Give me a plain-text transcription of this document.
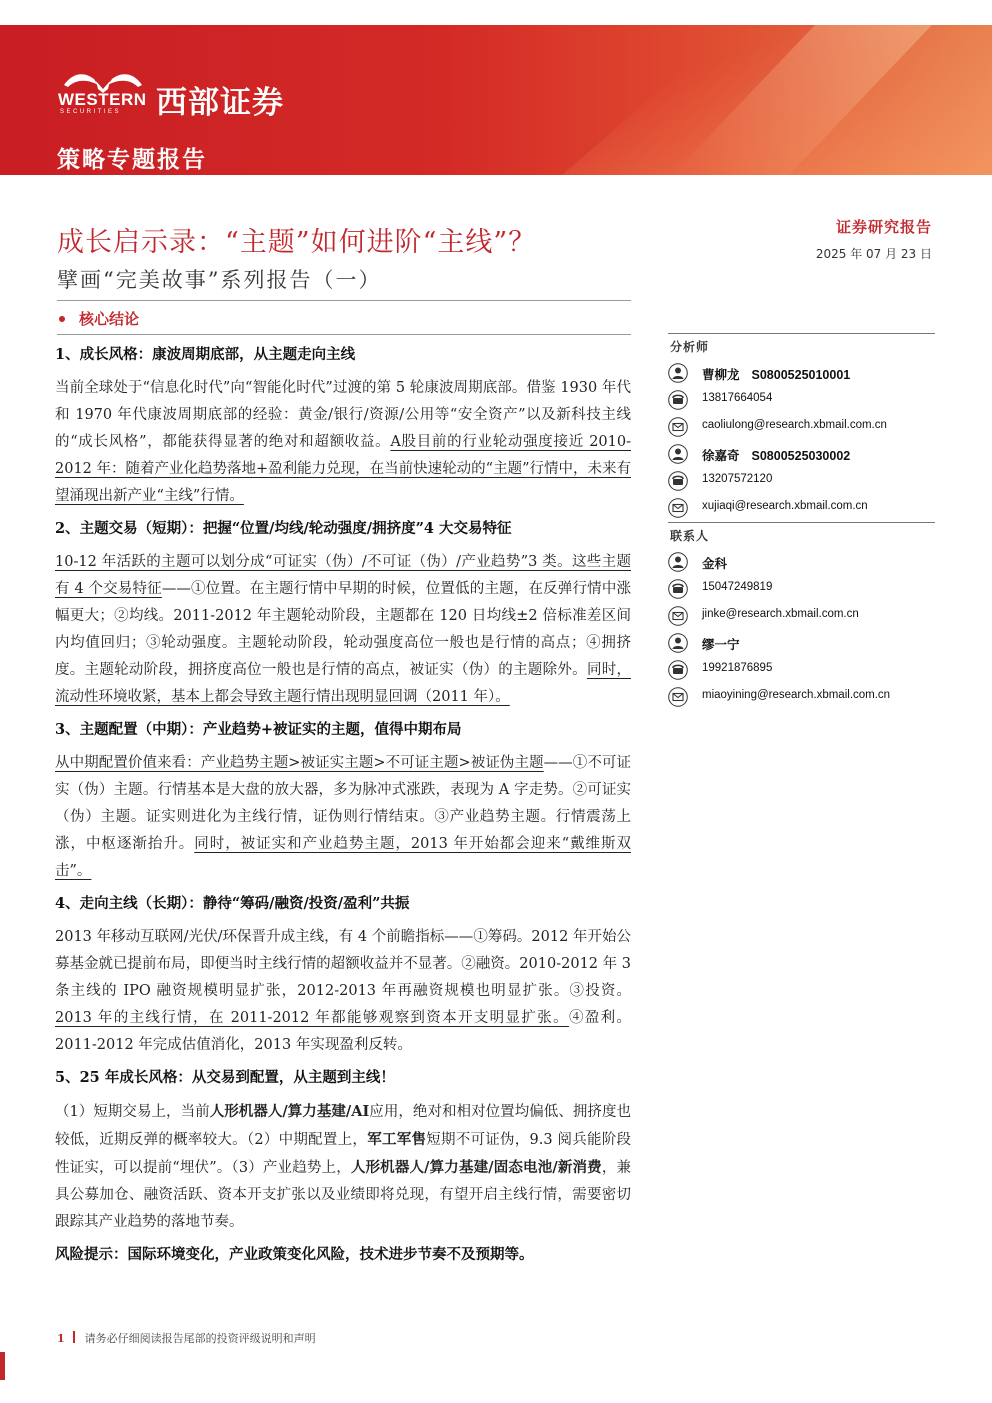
WESTERN
SECURITIES 西部证券
策略专题报告
成长启示录：“主题”如何进阶“主线”？
擘画“完美故事”系列报告（一）
核心结论
证券研究报告
2025 年 07 月 23 日
1、成长风格：康波周期底部，从主题走向主线
当前全球处于“信息化时代”向“智能化时代”过渡的第 5 轮康波周期底部。借鉴 1930 年代和 1970 年代康波周期底部的经验：黄金/银行/资源/公用等“安全资产”以及新科技主线的“成长风格”，都能获得显著的绝对和超额收益。A股目前的行业轮动强度接近 2010-2012 年：随着产业化趋势落地+盈利能力兑现，在当前快速轮动的“主题”行情中，未来有望涌现出新产业“主线”行情。
2、主题交易（短期）：把握“位置/均线/轮动强度/拥挤度”4 大交易特征
10-12 年活跃的主题可以划分成“可证实（伪）/不可证（伪）/产业趋势”3 类。这些主题有 4 个交易特征——①位置。在主题行情中早期的时候，位置低的主题，在反弹行情中涨幅更大；②均线。2011-2012 年主题轮动阶段，主题都在 120 日均线±2 倍标准差区间内均值回归；③轮动强度。主题轮动阶段，轮动强度高位一般也是行情的高点；④拥挤度。主题轮动阶段，拥挤度高位一般也是行情的高点，被证实（伪）的主题除外。同时，流动性环境收紧，基本上都会导致主题行情出现明显回调（2011 年）。
3、主题配置（中期）：产业趋势+被证实的主题，值得中期布局
从中期配置价值来看：产业趋势主题>被证实主题>不可证主题>被证伪主题——①不可证实（伪）主题。行情基本是大盘的放大器，多为脉冲式涨跌，表现为 A 字走势。②可证实（伪）主题。证实则进化为主线行情，证伪则行情结束。③产业趋势主题。行情震荡上涨，中枢逐渐抬升。同时，被证实和产业趋势主题，2013 年开始都会迎来“戴维斯双击”。
4、走向主线（长期）：静待“筹码/融资/投资/盈利”共振
2013 年移动互联网/光伏/环保晋升成主线，有 4 个前瞻指标——①筹码。2012 年开始公募基金就已提前布局，即便当时主线行情的超额收益并不显著。②融资。2010-2012 年 3 条主线的 IPO 融资规模明显扩张，2012-2013 年再融资规模也明显扩张。③投资。2013 年的主线行情，在 2011-2012 年都能够观察到资本开支明显扩张。④盈利。2011-2012 年完成估值消化，2013 年实现盈利反转。
5、25 年成长风格：从交易到配置，从主题到主线！
（1）短期交易上，当前人形机器人/算力基建/AI应用，绝对和相对位置均偏低、拥挤度也较低，近期反弹的概率较大。（2）中期配置上，军工军售短期不可证伪，9.3 阅兵能阶段性证实，可以提前“埋伏”。（3）产业趋势上，人形机器人/算力基建/固态电池/新消费，兼具公募加仓、融资活跃、资本开支扩张以及业绩即将兑现，有望开启主线行情，需要密切跟踪其产业趋势的落地节奏。
风险提示：国际环境变化，产业政策变化风险，技术进步节奏不及预期等。
分析师
曹柳龙 S0800525010001
13817664054
caoliulong@research.xbmail.com.cn
徐嘉奇 S0800525030002
13207572120
xujiaqi@research.xbmail.com.cn
联系人
金科
15047249819
jinke@research.xbmail.com.cn
缪一宁
19921876895
miaoyining@research.xbmail.com.cn
1 请务必仔细阅读报告尾部的投资评级说明和声明
